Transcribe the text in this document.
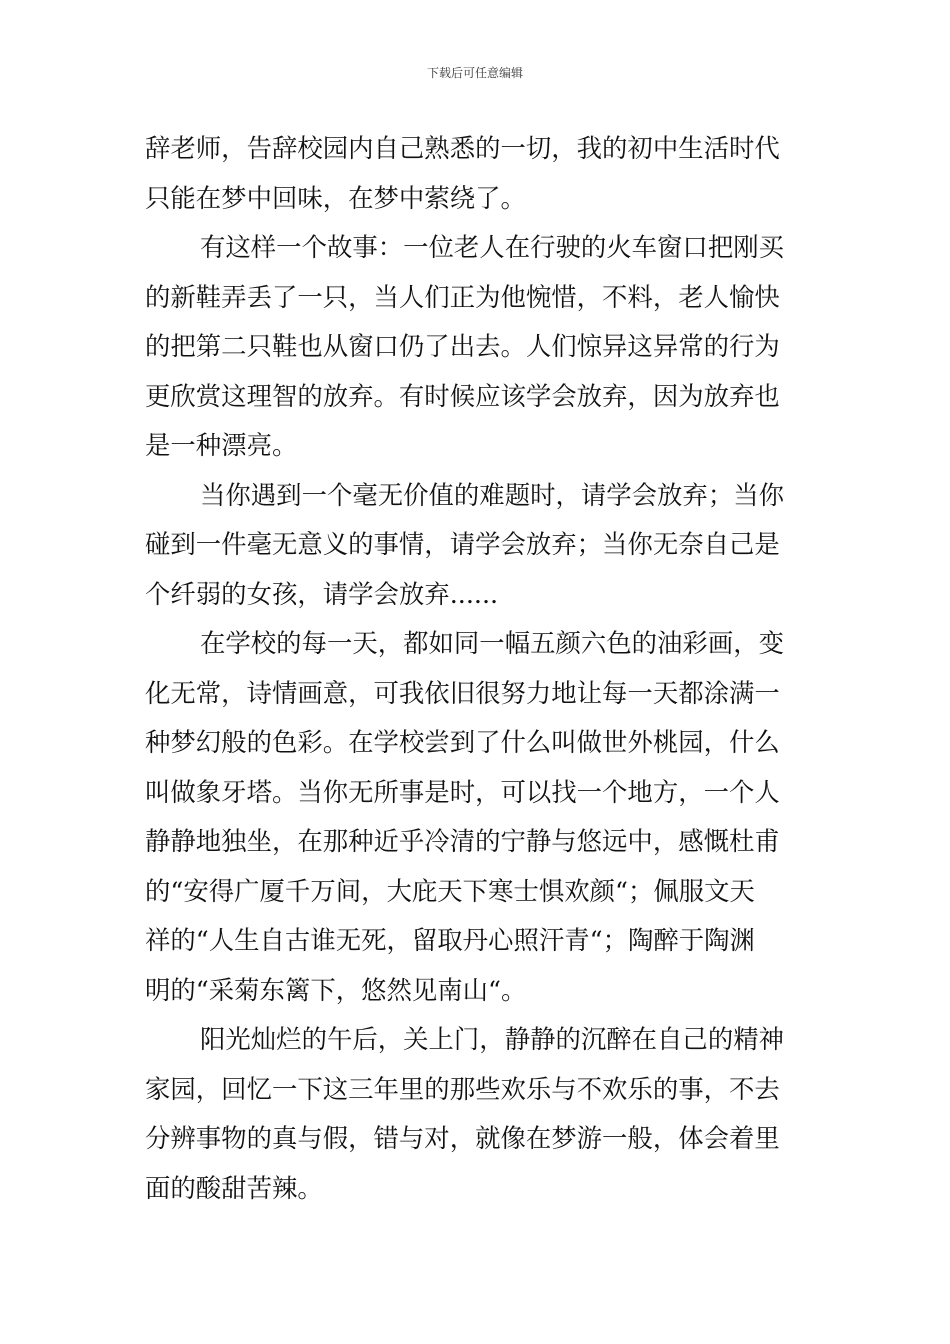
下载后可任意编辑
辞老师，告辞校园内自己熟悉的一切，我的初中生活时代
只能在梦中回味，在梦中萦绕了。
有这样一个故事：一位老人在行驶的火车窗口把刚买
的新鞋弄丢了一只，当人们正为他惋惜，不料，老人愉快
的把第二只鞋也从窗口仍了出去。人们惊异这异常的行为
更欣赏这理智的放弃。有时候应该学会放弃，因为放弃也
是一种漂亮。
当你遇到一个毫无价值的难题时，请学会放弃；当你
碰到一件毫无意义的事情，请学会放弃；当你无奈自己是
个纤弱的女孩，请学会放弃......
在学校的每一天，都如同一幅五颜六色的油彩画，变
化无常，诗情画意，可我依旧很努力地让每一天都涂满一
种梦幻般的色彩。在学校尝到了什么叫做世外桃园，什么
叫做象牙塔。当你无所事是时，可以找一个地方，一个人
静静地独坐，在那种近乎冷清的宁静与悠远中，感慨杜甫
的“安得广厦千万间，大庇天下寒士惧欢颜“；佩服文天
祥的“人生自古谁无死，留取丹心照汗青“；陶醉于陶渊
明的“采菊东篱下，悠然见南山“。
阳光灿烂的午后，关上门，静静的沉醉在自己的精神
家园，回忆一下这三年里的那些欢乐与不欢乐的事，不去
分辨事物的真与假，错与对，就像在梦游一般，体会着里
面的酸甜苦辣。
